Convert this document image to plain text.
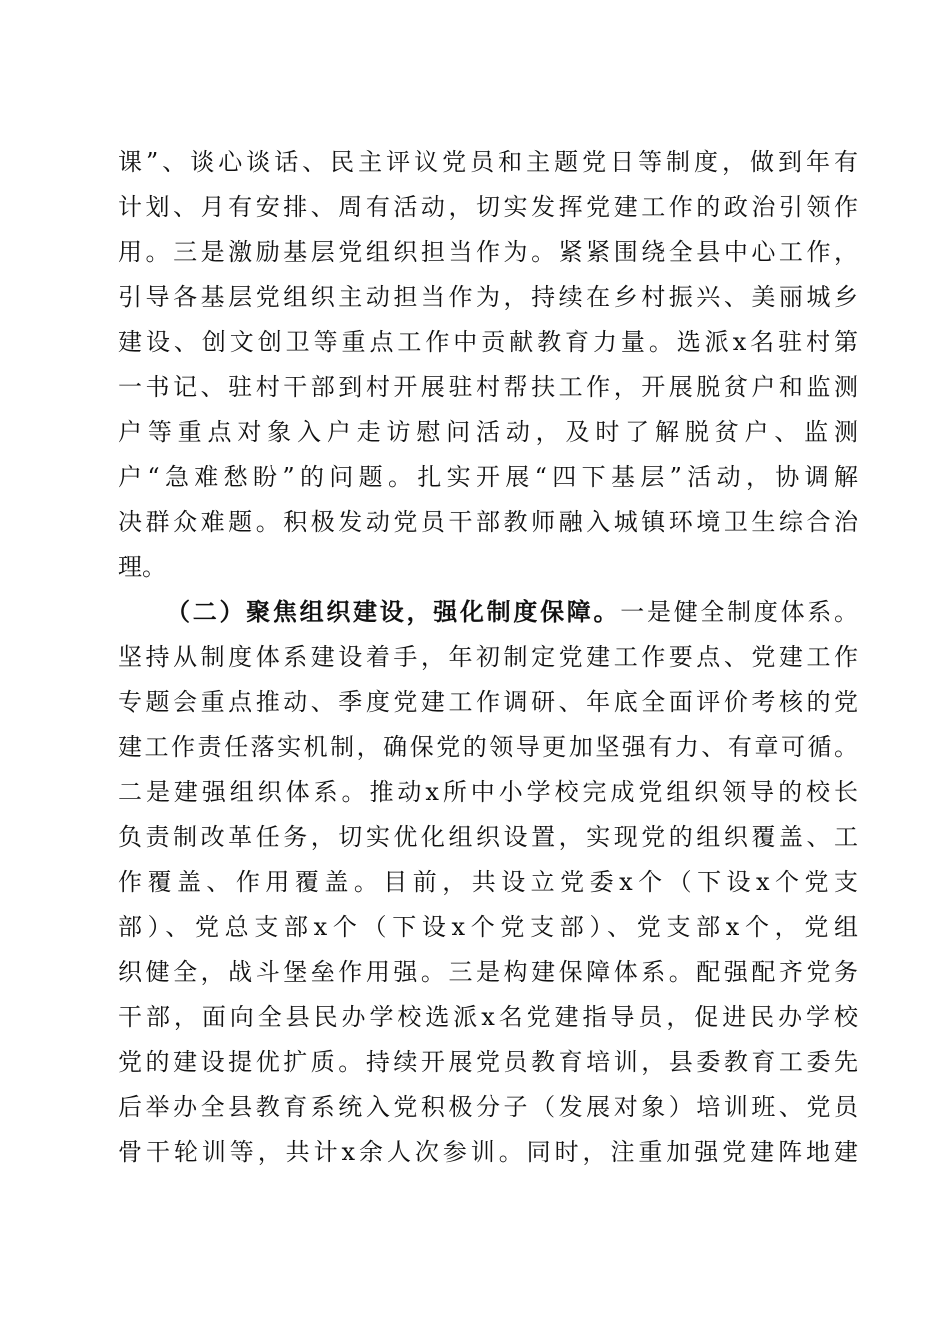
课”、谈心谈话、民主评议党员和主题党日等制度，做到年有

计划、月有安排、周有活动，切实发挥党建工作的政治引领作

用。三是激励基层党组织担当作为。紧紧围绕全县中心工作，

引导各基层党组织主动担当作为，持续在乡村振兴、美丽城乡

建设、创文创卫等重点工作中贡献教育力量。选派x名驻村第

一书记、驻村干部到村开展驻村帮扶工作，开展脱贫户和监测

户等重点对象入户走访慰问活动，及时了解脱贫户、监测

户“急难愁盼”的问题。扎实开展“四下基层”活动，协调解

决群众难题。积极发动党员干部教师融入城镇环境卫生综合治

理。

（二）聚焦组织建设，强化制度保障。一是健全制度体系。

坚持从制度体系建设着手，年初制定党建工作要点、党建工作

专题会重点推动、季度党建工作调研、年底全面评价考核的党

建工作责任落实机制，确保党的领导更加坚强有力、有章可循。

二是建强组织体系。推动x所中小学校完成党组织领导的校长

负责制改革任务，切实优化组织设置，实现党的组织覆盖、工

作覆盖、作用覆盖。目前，共设立党委x个（下设x个党支

部）、党总支部x个（下设x个党支部）、党支部x个，党组

织健全，战斗堡垒作用强。三是构建保障体系。配强配齐党务

干部，面向全县民办学校选派x名党建指导员，促进民办学校

党的建设提优扩质。持续开展党员教育培训，县委教育工委先

后举办全县教育系统入党积极分子（发展对象）培训班、党员

骨干轮训等，共计x余人次参训。同时，注重加强党建阵地建
